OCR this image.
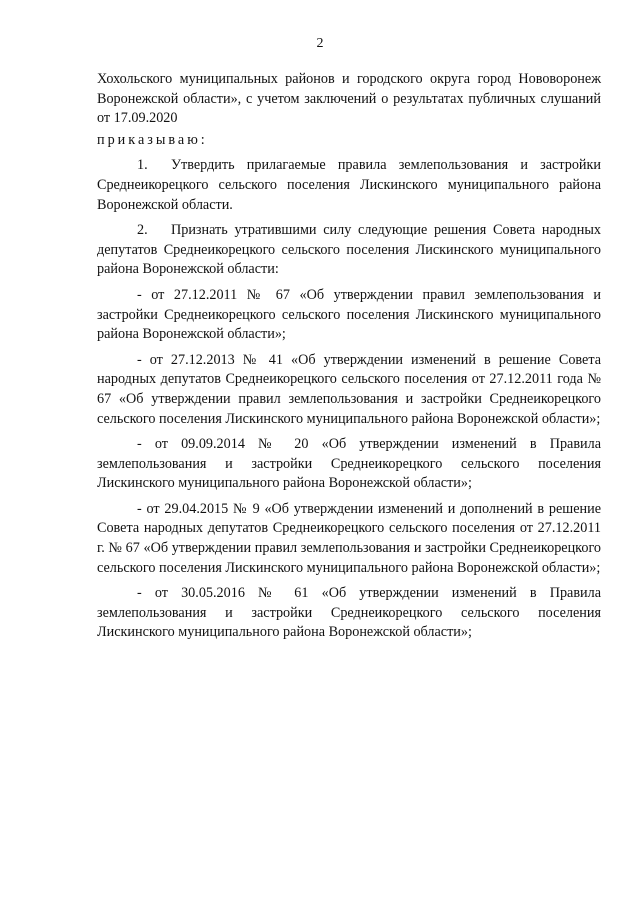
2

Хохольского муниципальных районов и городского округа город Нововоронеж Воронежской области», с учетом заключений о результатах публичных слушаний от 17.09.2020

приказываю:

1. Утвердить прилагаемые правила землепользования и застройки Среднеикорецкого сельского поселения Лискинского муниципального района Воронежской области.

2. Признать утратившими силу следующие решения Совета народных депутатов Среднеикорецкого сельского поселения Лискинского муниципального района Воронежской области:

- от 27.12.2011 № 67 «Об утверждении правил землепользования и застройки Среднеикорецкого сельского поселения Лискинского муниципального района Воронежской области»;

- от 27.12.2013 № 41 «Об утверждении изменений в решение Совета народных депутатов Среднеикорецкого сельского поселения от 27.12.2011 года № 67 «Об утверждении правил землепользования и застройки Среднеикорецкого сельского поселения Лискинского муниципального района Воронежской области»;

- от 09.09.2014 № 20 «Об утверждении изменений в Правила землепользования и застройки Среднеикорецкого сельского поселения Лискинского муниципального района Воронежской области»;

- от 29.04.2015 № 9 «Об утверждении изменений и дополнений в решение Совета народных депутатов Среднеикорецкого сельского поселения от 27.12.2011 г. № 67 «Об утверждении правил землепользования и застройки Среднеикорецкого сельского поселения Лискинского муниципального района Воронежской области»;

- от 30.05.2016 № 61 «Об утверждении изменений в Правила землепользования и застройки Среднеикорецкого сельского поселения Лискинского муниципального района Воронежской области»;
